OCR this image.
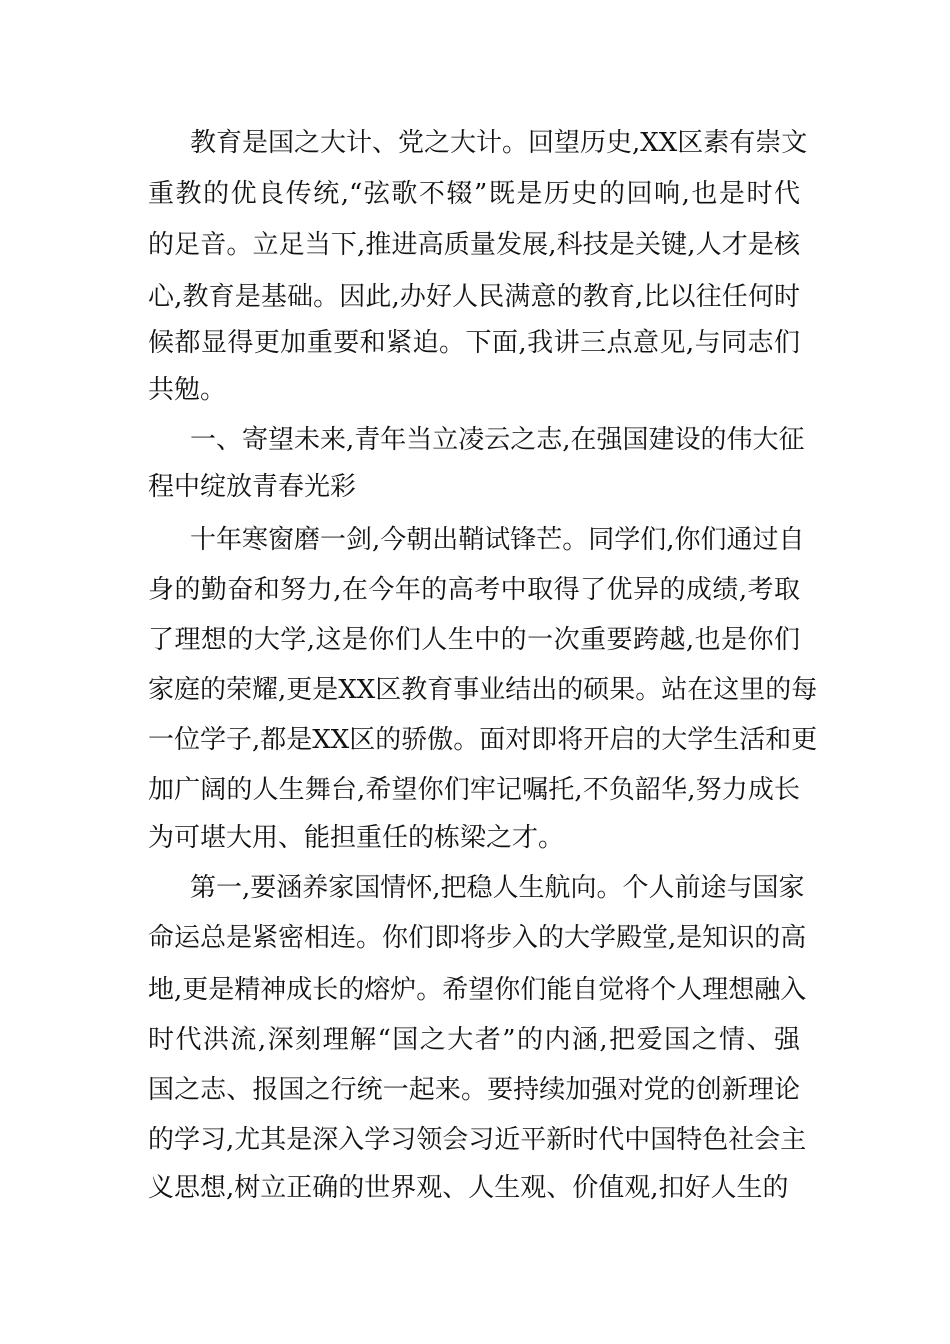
教育是国之大计、党之大计。回望历史,XX区素有崇文
重教的优良传统,“弦歌不辍”既是历史的回响,也是时代
的足音。立足当下,推进高质量发展,科技是关键,人才是核
心,教育是基础。因此,办好人民满意的教育,比以往任何时
候都显得更加重要和紧迫。下面,我讲三点意见,与同志们
共勉。
一、寄望未来,青年当立凌云之志,在强国建设的伟大征
程中绽放青春光彩
十年寒窗磨一剑,今朝出鞘试锋芒。同学们,你们通过自
身的勤奋和努力,在今年的高考中取得了优异的成绩,考取
了理想的大学,这是你们人生中的一次重要跨越,也是你们
家庭的荣耀,更是XX区教育事业结出的硕果。站在这里的每
一位学子,都是XX区的骄傲。面对即将开启的大学生活和更
加广阔的人生舞台,希望你们牢记嘱托,不负韶华,努力成长
为可堪大用、能担重任的栋梁之才。
第一,要涵养家国情怀,把稳人生航向。个人前途与国家
命运总是紧密相连。你们即将步入的大学殿堂,是知识的高
地,更是精神成长的熔炉。希望你们能自觉将个人理想融入
时代洪流,深刻理解“国之大者”的内涵,把爱国之情、强
国之志、报国之行统一起来。要持续加强对党的创新理论
的学习,尤其是深入学习领会习近平新时代中国特色社会主
义思想,树立正确的世界观、人生观、价值观,扣好人生的
